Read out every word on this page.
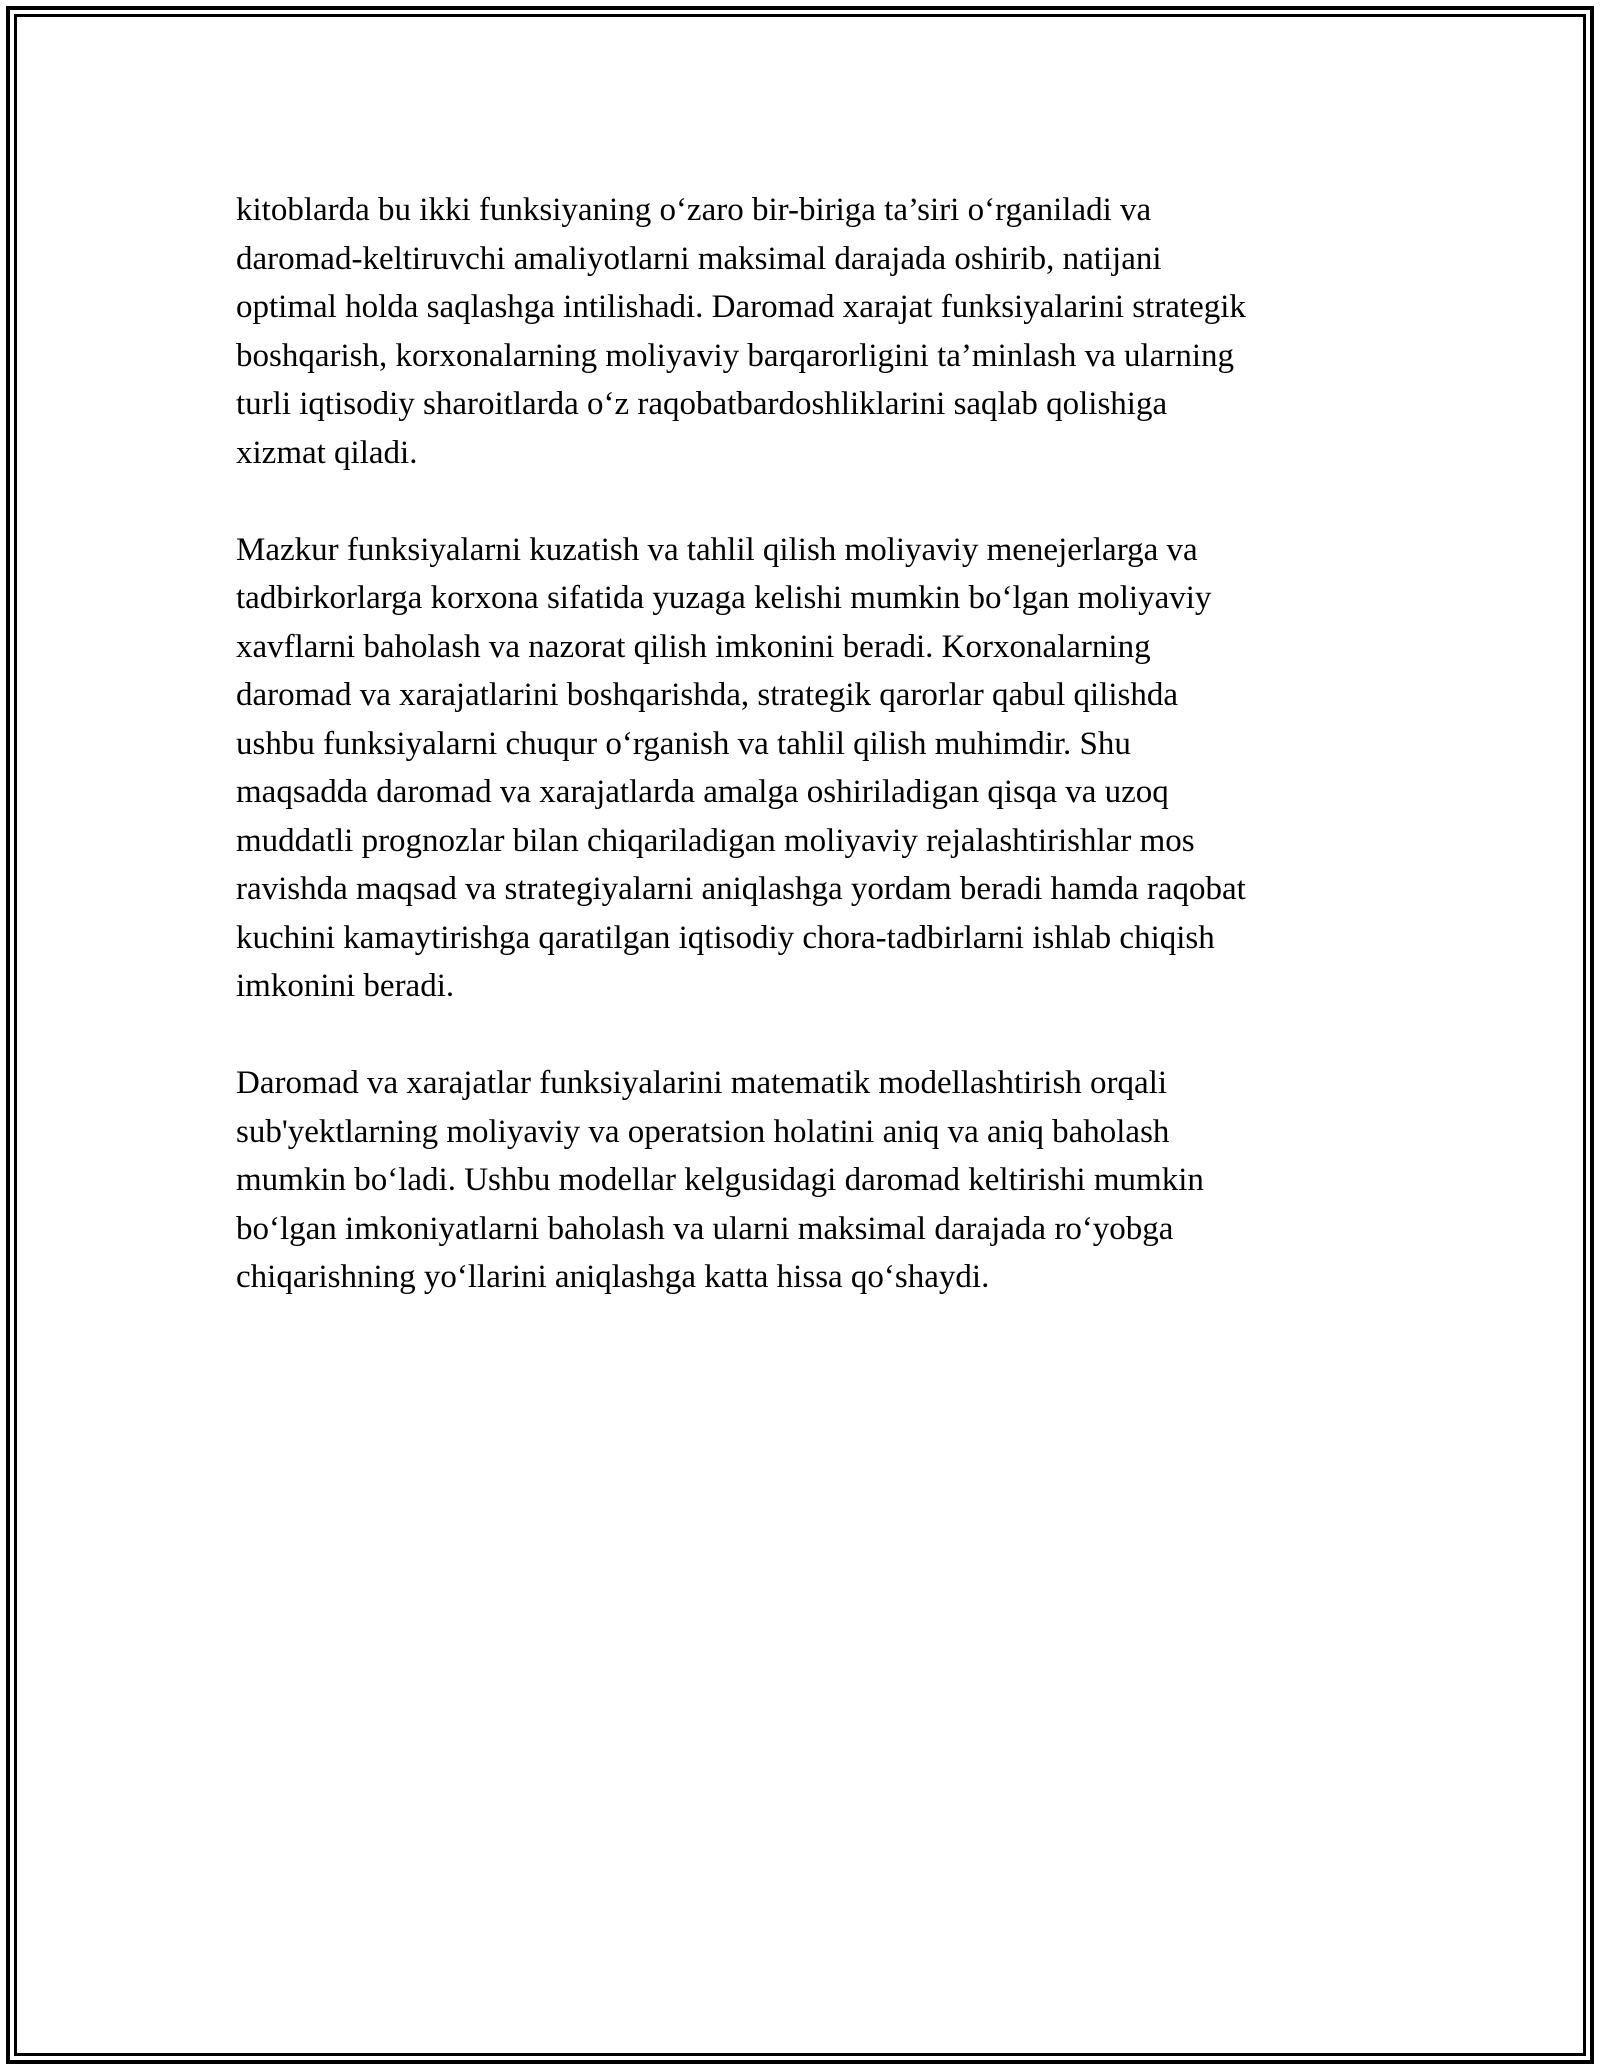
kitoblarda bu ikki funksiyaning o‘zaro bir-biriga ta’siri o‘rganiladi va
daromad-keltiruvchi amaliyotlarni maksimal darajada oshirib, natijani
optimal holda saqlashga intilishadi. Daromad xarajat funksiyalarini strategik
boshqarish, korxonalarning moliyaviy barqarorligini ta’minlash va ularning
turli iqtisodiy sharoitlarda o‘z raqobatbardoshliklarini saqlab qolishiga
xizmat qiladi.

Mazkur funksiyalarni kuzatish va tahlil qilish moliyaviy menejerlarga va
tadbirkorlarga korxona sifatida yuzaga kelishi mumkin bo‘lgan moliyaviy
xavflarni baholash va nazorat qilish imkonini beradi. Korxonalarning
daromad va xarajatlarini boshqarishda, strategik qarorlar qabul qilishda
ushbu funksiyalarni chuqur o‘rganish va tahlil qilish muhimdir. Shu
maqsadda daromad va xarajatlarda amalga oshiriladigan qisqa va uzoq
muddatli prognozlar bilan chiqariladigan moliyaviy rejalashtirishlar mos
ravishda maqsad va strategiyalarni aniqlashga yordam beradi hamda raqobat
kuchini kamaytirishga qaratilgan iqtisodiy chora-tadbirlarni ishlab chiqish
imkonini beradi.

Daromad va xarajatlar funksiyalarini matematik modellashtirish orqali
sub'yektlarning moliyaviy va operatsion holatini aniq va aniq baholash
mumkin bo‘ladi. Ushbu modellar kelgusidagi daromad keltirishi mumkin
bo‘lgan imkoniyatlarni baholash va ularni maksimal darajada ro‘yobga
chiqarishning yo‘llarini aniqlashga katta hissa qo‘shaydi.
